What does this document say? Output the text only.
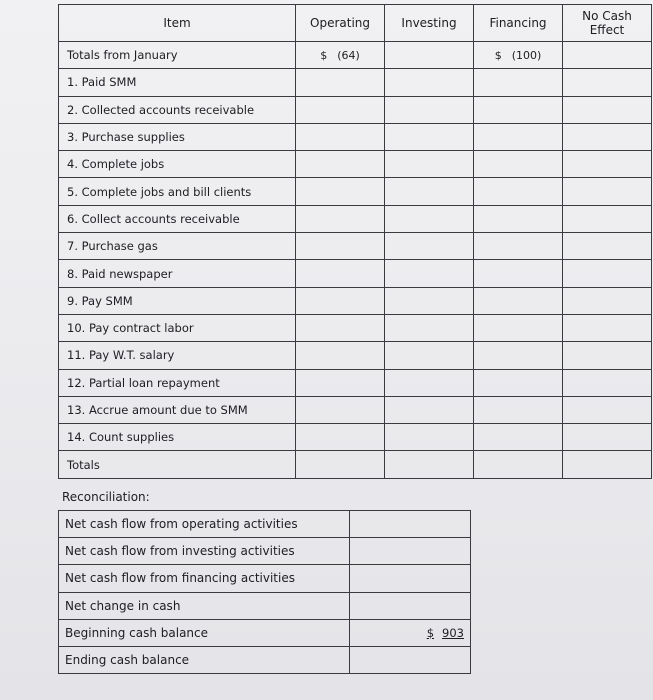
Item	Operating	Investing	Financing	No Cash
Effect
Totals from January	$ (64)		$ (100)	
1. Paid SMM				
2. Collected accounts receivable				
3. Purchase supplies				
4. Complete jobs				
5. Complete jobs and bill clients				
6. Collect accounts receivable				
7. Purchase gas				
8. Paid newspaper				
9. Pay SMM				
10. Pay contract labor				
11. Pay W.T. salary				
12. Partial loan repayment				
13. Accrue amount due to SMM				
14. Count supplies				
Totals				
Reconciliation:
Net cash flow from operating activities	
Net cash flow from investing activities	
Net cash flow from financing activities	
Net change in cash	
Beginning cash balance	$ 903
Ending cash balance	
